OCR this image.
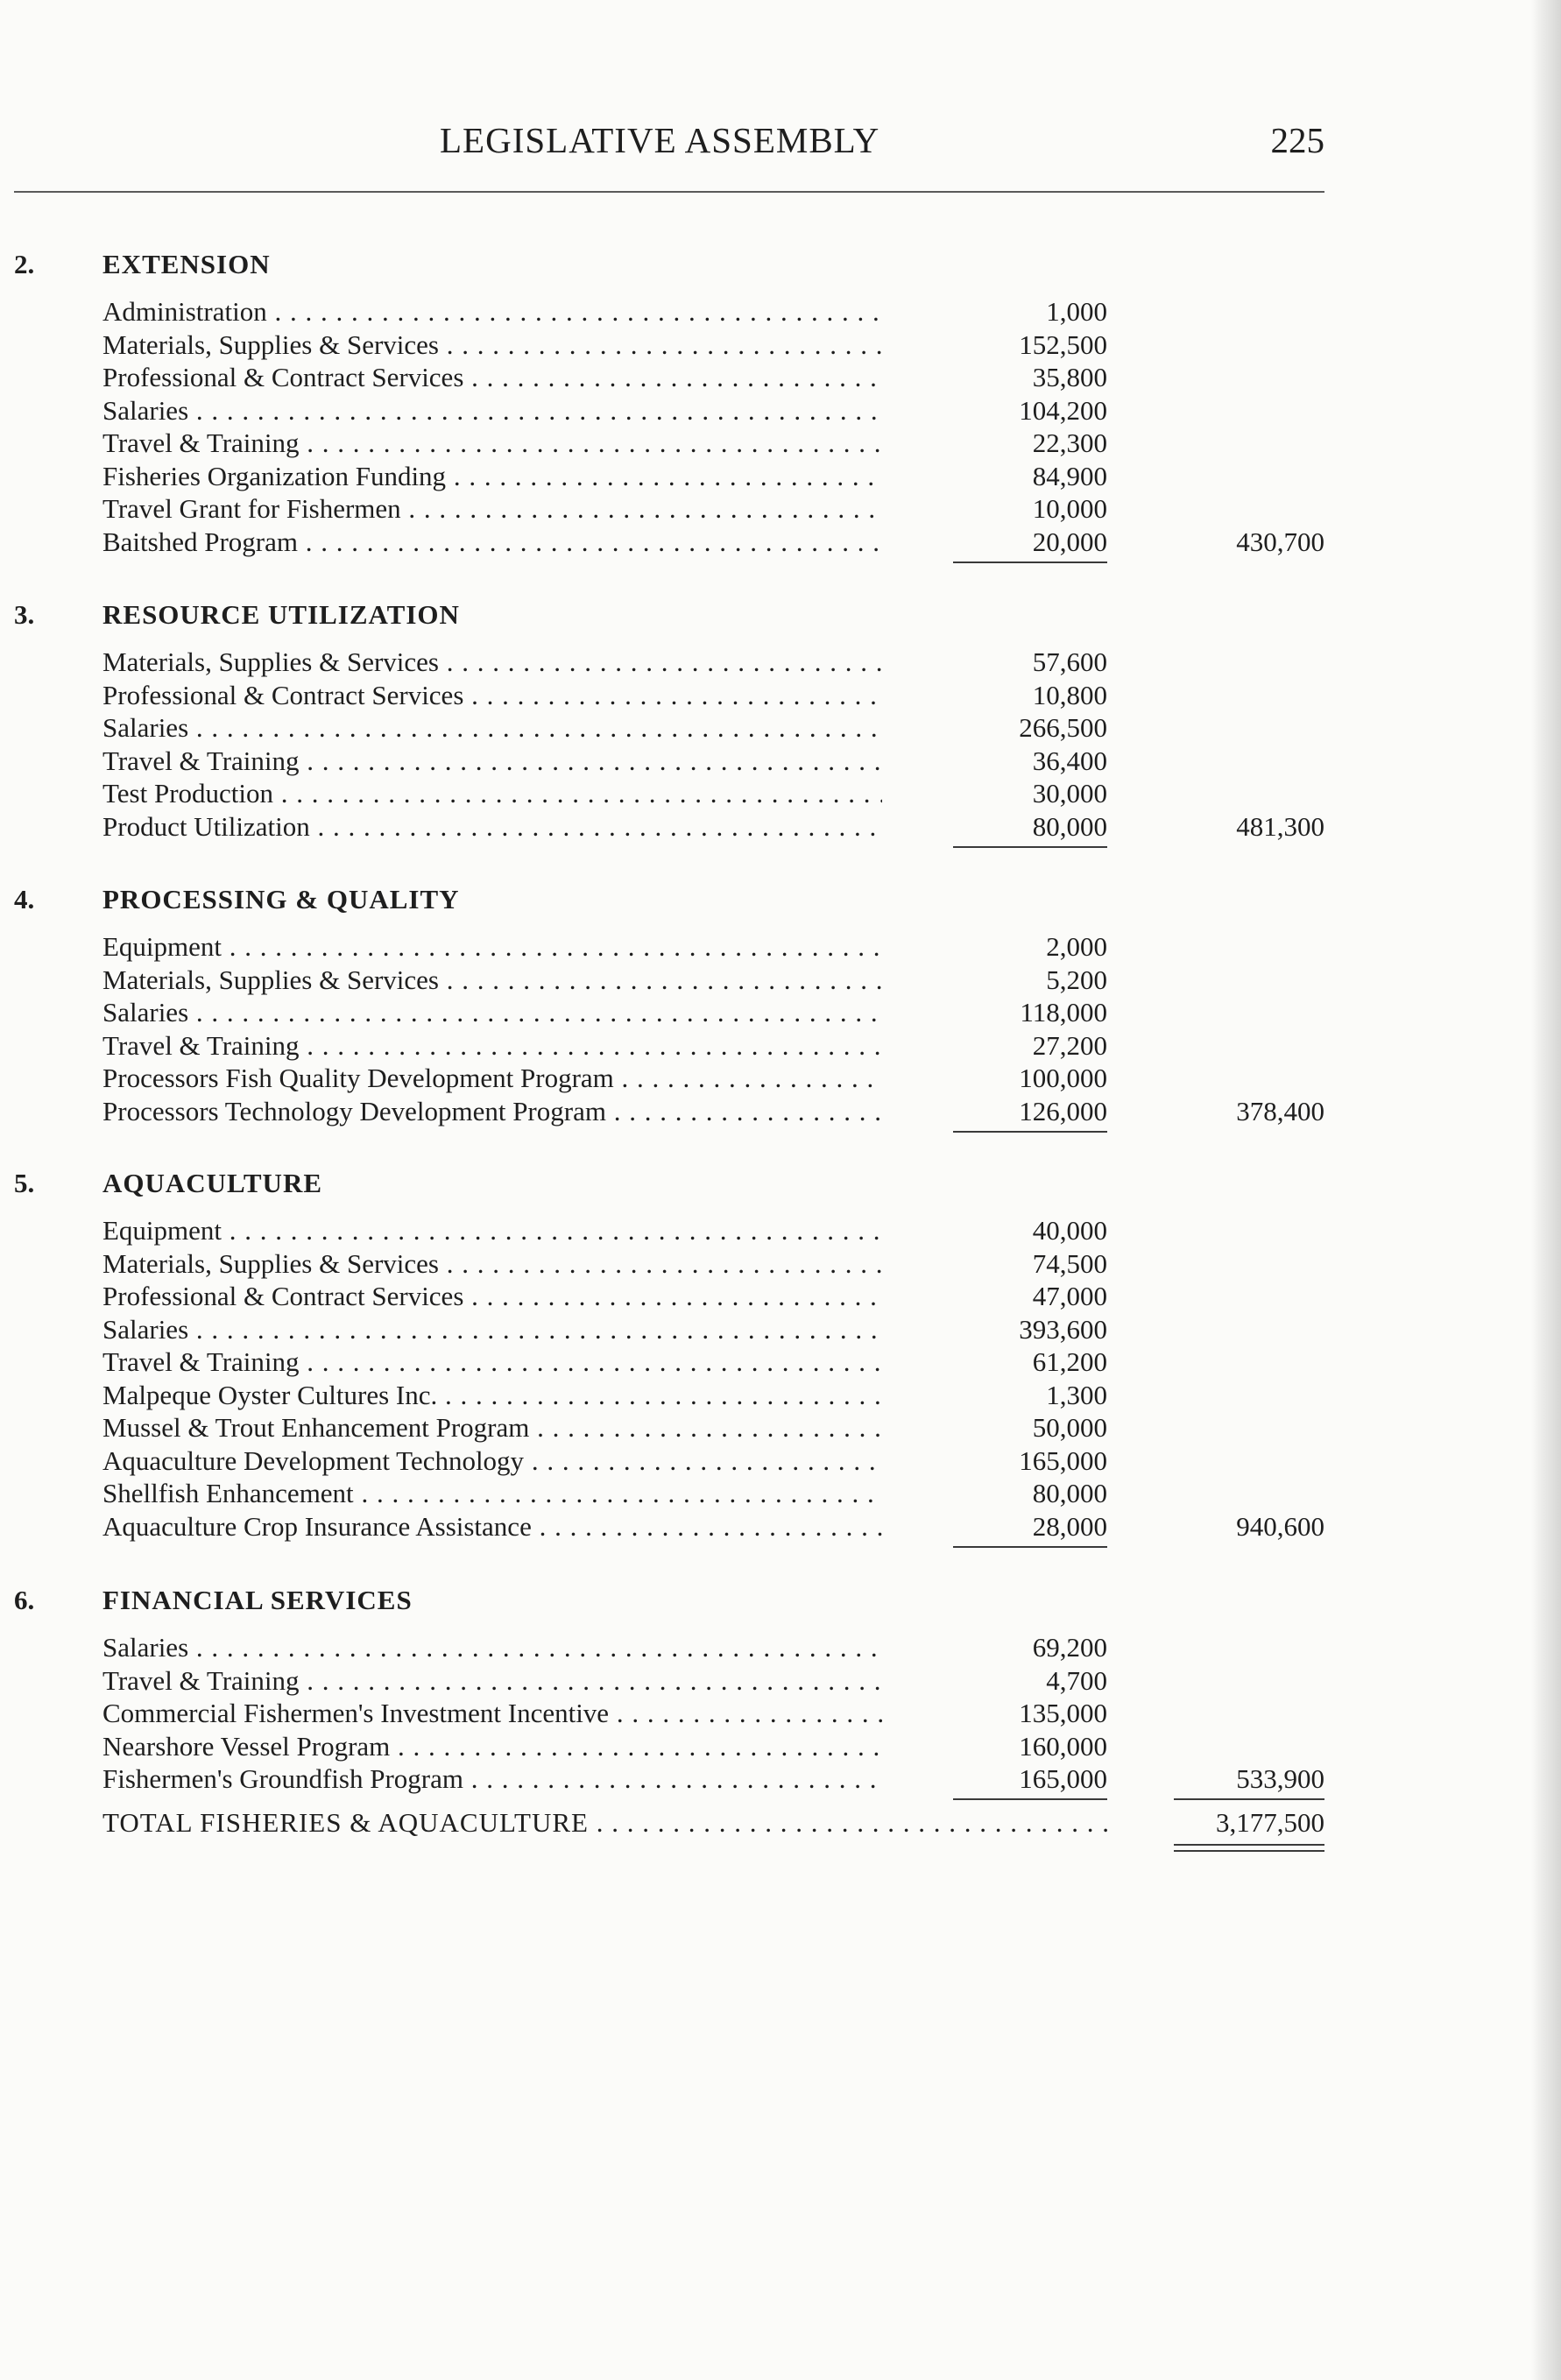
LEGISLATIVE ASSEMBLY	225
2.	EXTENSION
Administration . . .	1,000
Materials, Supplies & Services . . .	152,500
Professional & Contract Services . . .	35,800
Salaries . . .	104,200
Travel & Training . . .	22,300
Fisheries Organization Funding . . .	84,900
Travel Grant for Fishermen . . .	10,000
Baitshed Program . . .	20,000	430,700
3.	RESOURCE UTILIZATION
Materials, Supplies & Services . . .	57,600
Professional & Contract Services . . .	10,800
Salaries . . .	266,500
Travel & Training . . .	36,400
Test Production . . .	30,000
Product Utilization . . .	80,000	481,300
4.	PROCESSING & QUALITY
Equipment . . .	2,000
Materials, Supplies & Services . . .	5,200
Salaries . . .	118,000
Travel & Training . . .	27,200
Processors Fish Quality Development Program . . .	100,000
Processors Technology Development Program . . .	126,000	378,400
5.	AQUACULTURE
Equipment . . .	40,000
Materials, Supplies & Services . . .	74,500
Professional & Contract Services . . .	47,000
Salaries . . .	393,600
Travel & Training . . .	61,200
Malpeque Oyster Cultures Inc. . . .	1,300
Mussel & Trout Enhancement Program . . .	50,000
Aquaculture Development Technology . . .	165,000
Shellfish Enhancement . . .	80,000
Aquaculture Crop Insurance Assistance . . .	28,000	940,600
6.	FINANCIAL SERVICES
Salaries . . .	69,200
Travel & Training . . .	4,700
Commercial Fishermen's Investment Incentive . . .	135,000
Nearshore Vessel Program . . .	160,000
Fishermen's Groundfish Program . . .	165,000	533,900
TOTAL FISHERIES & AQUACULTURE . . .	3,177,500
